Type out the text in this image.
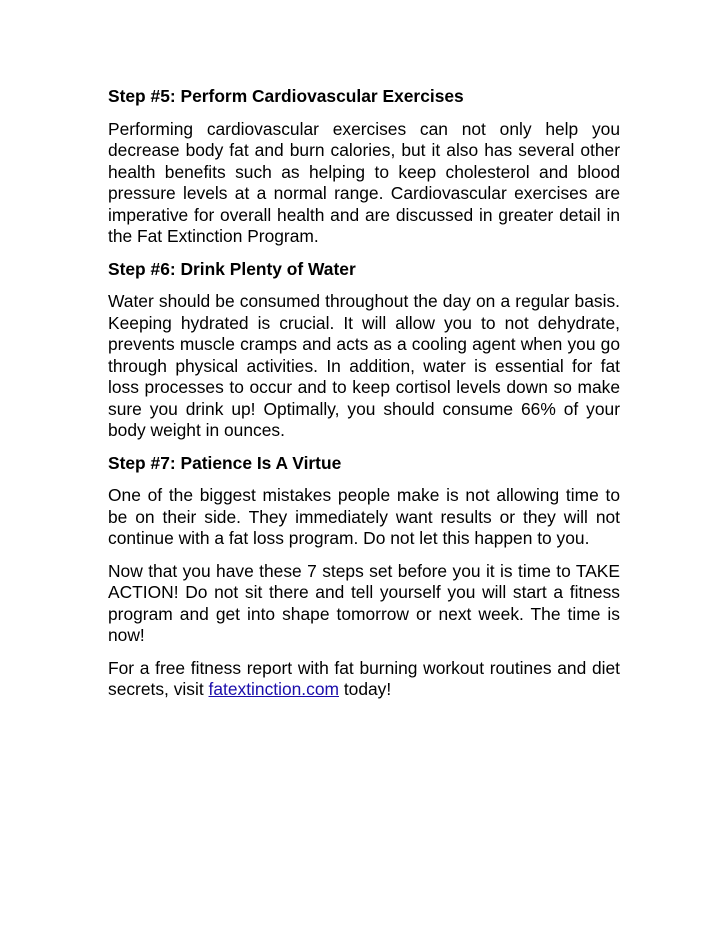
Step #5: Perform Cardiovascular Exercises
Performing cardiovascular exercises can not only help you decrease body fat and burn calories, but it also has several other health benefits such as helping to keep cholesterol and blood pressure levels at a normal range. Cardiovascular exercises are imperative for overall health and are discussed in greater detail in the Fat Extinction Program.
Step #6: Drink Plenty of Water
Water should be consumed throughout the day on a regular basis. Keeping hydrated is crucial. It will allow you to not dehydrate, prevents muscle cramps and acts as a cooling agent when you go through physical activities. In addition, water is essential for fat loss processes to occur and to keep cortisol levels down so make sure you drink up! Optimally, you should consume 66% of your body weight in ounces.
Step #7: Patience Is A Virtue
One of the biggest mistakes people make is not allowing time to be on their side. They immediately want results or they will not continue with a fat loss program. Do not let this happen to you.
Now that you have these 7 steps set before you it is time to TAKE ACTION! Do not sit there and tell yourself you will start a fitness program and get into shape tomorrow or next week. The time is now!
For a free fitness report with fat burning workout routines and diet secrets, visit fatextinction.com today!
